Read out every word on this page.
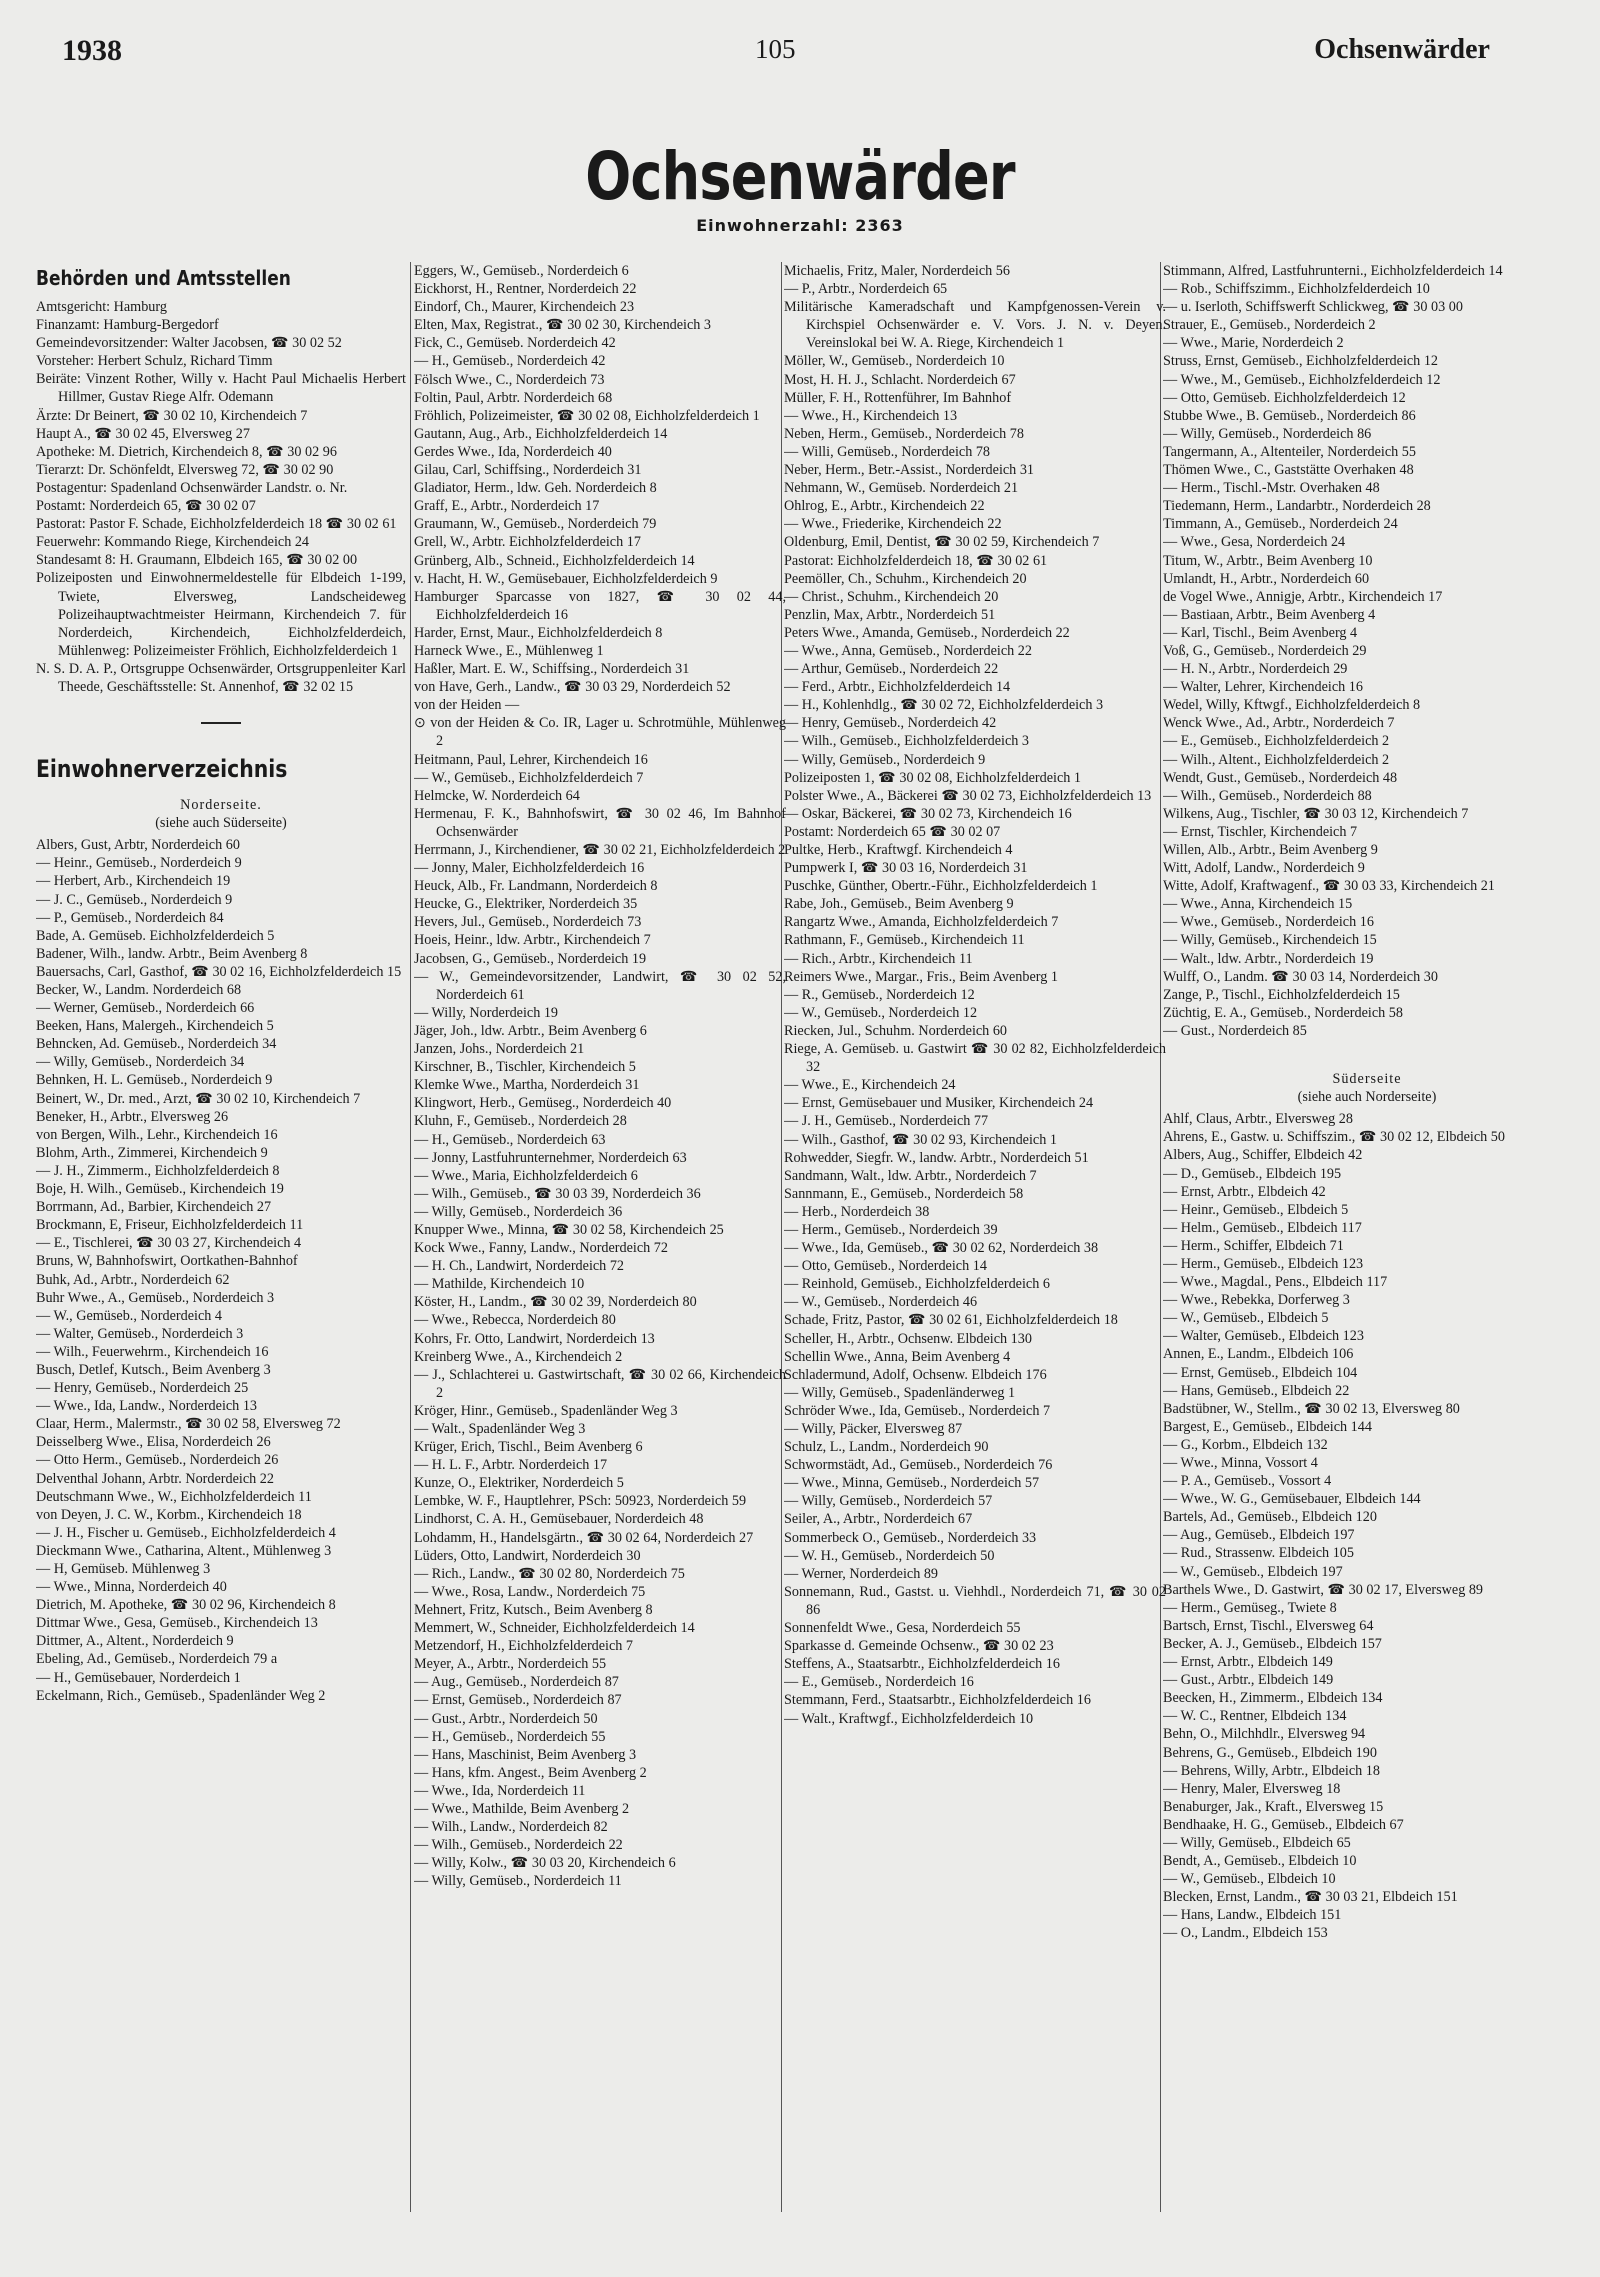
1938	105	Ochsenwärder
Ochsenwärder
Einwohnerzahl: 2363
Behörden und Amtsstellen
Amtsgericht: Hamburg
Finanzamt: Hamburg-Bergedorf
Gemeindevorsitzender: Walter Jacobsen, ☎ 30 02 52
Vorsteher: Herbert Schulz, Richard Timm
Beiräte: Vinzent Rother, Willy v. Hacht Paul Michaelis Herbert Hillmer, Gustav Riege Alfr. Odemann
Ärzte: Dr Beinert, ☎ 30 02 10, Kirchendeich 7
Haupt A., ☎ 30 02 45, Elversweg 27
Apotheke: M. Dietrich, Kirchendeich 8, ☎ 30 02 96
Tierarzt: Dr. Schönfeldt, Elversweg 72, ☎ 30 02 90
Postagentur: Spadenland Ochsenwärder Landstr. o. Nr.
Postamt: Norderdeich 65, ☎ 30 02 07
Pastorat: Pastor F. Schade, Eichholzfelderdeich 18 ☎ 30 02 61
Feuerwehr: Kommando Riege, Kirchendeich 24
Standesamt 8: H. Graumann, Elbdeich 165, ☎ 30 02 00
Polizeiposten und Einwohnermeldestelle für Elbdeich 1-199, Twiete, Elversweg, Landscheideweg Polizeihauptwachtmeister Heirmann, Kirchendeich 7. für Norderdeich, Kirchendeich, Eichholzfelderdeich, Mühlenweg: Polizeimeister Fröhlich, Eichholzfelderdeich 1
N. S. D. A. P., Ortsgruppe Ochsenwärder, Ortsgruppenleiter Karl Theede, Geschäftsstelle: St. Annenhof, ☎ 32 02 15
Einwohnerverzeichnis
Norderseite.
(siehe auch Süderseite)
Albers, Gust, Arbtr, Norderdeich 60
— Heinr., Gemüseb., Norderdeich 9
— Herbert, Arb., Kirchendeich 19
— J. C., Gemüseb., Norderdeich 9
— P., Gemüseb., Norderdeich 84
Bade, A. Gemüseb. Eichholzfelderdeich 5
Badener, Wilh., landw. Arbtr., Beim Avenberg 8
Bauersachs, Carl, Gasthof, ☎ 30 02 16, Eichholzfelderdeich 15
Becker, W., Landm. Norderdeich 68
— Werner, Gemüseb., Norderdeich 66
Beeken, Hans, Malergeh., Kirchendeich 5
Behncken, Ad. Gemüseb., Norderdeich 34
— Willy, Gemüseb., Norderdeich 34
Behnken, H. L. Gemüseb., Norderdeich 9
Beinert, W., Dr. med., Arzt, ☎ 30 02 10, Kirchendeich 7
Beneker, H., Arbtr., Elversweg 26
von Bergen, Wilh., Lehr., Kirchendeich 16
Blohm, Arth., Zimmerei, Kirchendeich 9
— J. H., Zimmerm., Eichholzfelderdeich 8
Boje, H. Wilh., Gemüseb., Kirchendeich 19
Borrmann, Ad., Barbier, Kirchendeich 27
Brockmann, E, Friseur, Eichholzfelderdeich 11
— E., Tischlerei, ☎ 30 03 27, Kirchendeich 4
Bruns, W, Bahnhofswirt, Oortkathen-Bahnhof
Buhk, Ad., Arbtr., Norderdeich 62
Buhr Wwe., A., Gemüseb., Norderdeich 3
— W., Gemüseb., Norderdeich 4
— Walter, Gemüseb., Norderdeich 3
— Wilh., Feuerwehrm., Kirchendeich 16
Busch, Detlef, Kutsch., Beim Avenberg 3
— Henry, Gemüseb., Norderdeich 25
— Wwe., Ida, Landw., Norderdeich 13
Claar, Herm., Malermstr., ☎ 30 02 58, Elversweg 72
Deisselberg Wwe., Elisa, Norderdeich 26
— Otto Herm., Gemüseb., Norderdeich 26
Delventhal Johann, Arbtr. Norderdeich 22
Deutschmann Wwe., W., Eichholzfelderdeich 11
von Deyen, J. C. W., Korbm., Kirchendeich 18
— J. H., Fischer u. Gemüseb., Eichholzfelderdeich 4
Dieckmann Wwe., Catharina, Altent., Mühlenweg 3
— H, Gemüseb. Mühlenweg 3
— Wwe., Minna, Norderdeich 40
Dietrich, M. Apotheke, ☎ 30 02 96, Kirchendeich 8
Dittmar Wwe., Gesa, Gemüseb., Kirchendeich 13
Dittmer, A., Altent., Norderdeich 9
Ebeling, Ad., Gemüseb., Norderdeich 79 a
— H., Gemüsebauer, Norderdeich 1
Eckelmann, Rich., Gemüseb., Spadenländer Weg 2
Eggers, W., Gemüseb., Norderdeich 6
Eickhorst, H., Rentner, Norderdeich 22
Eindorf, Ch., Maurer, Kirchendeich 23
Elten, Max, Registrat., ☎ 30 02 30, Kirchendeich 3
Fick, C., Gemüseb. Norderdeich 42
— H., Gemüseb., Norderdeich 42
Fölsch Wwe., C., Norderdeich 73
Foltin, Paul, Arbtr. Norderdeich 68
Fröhlich, Polizeimeister, ☎ 30 02 08, Eichholzfelderdeich 1
Gautann, Aug., Arb., Eichholzfelderdeich 14
Gerdes Wwe., Ida, Norderdeich 40
Gilau, Carl, Schiffsing., Norderdeich 31
Gladiator, Herm., ldw. Geh. Norderdeich 8
Graff, E., Arbtr., Norderdeich 17
Graumann, W., Gemüseb., Norderdeich 79
Grell, W., Arbtr. Eichholzfelderdeich 17
Grünberg, Alb., Schneid., Eichholzfelderdeich 14
v. Hacht, H. W., Gemüsebauer, Eichholzfelderdeich 9
Hamburger Sparcasse von 1827, ☎ 30 02 44, Eichholzfelderdeich 16
Harder, Ernst, Maur., Eichholzfelderdeich 8
Harneck Wwe., E., Mühlenweg 1
Haßler, Mart. E. W., Schiffsing., Norderdeich 31
von Have, Gerh., Landw., ☎ 30 03 29, Norderdeich 52
von der Heiden —
⊙ von der Heiden & Co. IR, Lager u. Schrotmühle, Mühlenweg 2
Heitmann, Paul, Lehrer, Kirchendeich 16
— W., Gemüseb., Eichholzfelderdeich 7
Helmcke, W. Norderdeich 64
Hermenau, F. K., Bahnhofswirt, ☎ 30 02 46, Im Bahnhof Ochsenwärder
Herrmann, J., Kirchendiener, ☎ 30 02 21, Eichholzfelderdeich 2
— Jonny, Maler, Eichholzfelderdeich 16
Heuck, Alb., Fr. Landmann, Norderdeich 8
Heucke, G., Elektriker, Norderdeich 35
Hevers, Jul., Gemüseb., Norderdeich 73
Hoeis, Heinr., ldw. Arbtr., Kirchendeich 7
Jacobsen, G., Gemüseb., Norderdeich 19
— W., Gemeindevorsitzender, Landwirt, ☎ 30 02 52, Norderdeich 61
— Willy, Norderdeich 19
Jäger, Joh., ldw. Arbtr., Beim Avenberg 6
Janzen, Johs., Norderdeich 21
Kirschner, B., Tischler, Kirchendeich 5
Klemke Wwe., Martha, Norderdeich 31
Klingwort, Herb., Gemüseg., Norderdeich 40
Kluhn, F., Gemüseb., Norderdeich 28
— H., Gemüseb., Norderdeich 63
— Jonny, Lastfuhrunternehmer, Norderdeich 63
— Wwe., Maria, Eichholzfelderdeich 6
— Wilh., Gemüseb., ☎ 30 03 39, Norderdeich 36
— Willy, Gemüseb., Norderdeich 36
Knupper Wwe., Minna, ☎ 30 02 58, Kirchendeich 25
Kock Wwe., Fanny, Landw., Norderdeich 72
— H. Ch., Landwirt, Norderdeich 72
— Mathilde, Kirchendeich 10
Köster, H., Landm., ☎ 30 02 39, Norderdeich 80
— Wwe., Rebecca, Norderdeich 80
Kohrs, Fr. Otto, Landwirt, Norderdeich 13
Kreinberg Wwe., A., Kirchendeich 2
— J., Schlachterei u. Gastwirtschaft, ☎ 30 02 66, Kirchendeich 2
Kröger, Hinr., Gemüseb., Spadenländer Weg 3
— Walt., Spadenländer Weg 3
Krüger, Erich, Tischl., Beim Avenberg 6
— H. L. F., Arbtr. Norderdeich 17
Kunze, O., Elektriker, Norderdeich 5
Lembke, W. F., Hauptlehrer, PSch: 50923, Norderdeich 59
Lindhorst, C. A. H., Gemüsebauer, Norderdeich 48
Lohdamm, H., Handelsgärtn., ☎ 30 02 64, Norderdeich 27
Lüders, Otto, Landwirt, Norderdeich 30
— Rich., Landw., ☎ 30 02 80, Norderdeich 75
— Wwe., Rosa, Landw., Norderdeich 75
Mehnert, Fritz, Kutsch., Beim Avenberg 8
Memmert, W., Schneider, Eichholzfelderdeich 14
Metzendorf, H., Eichholzfelderdeich 7
Meyer, A., Arbtr., Norderdeich 55
— Aug., Gemüseb., Norderdeich 87
— Ernst, Gemüseb., Norderdeich 87
— Gust., Arbtr., Norderdeich 50
— H., Gemüseb., Norderdeich 55
— Hans, Maschinist, Beim Avenberg 3
— Hans, kfm. Angest., Beim Avenberg 2
— Wwe., Ida, Norderdeich 11
— Wwe., Mathilde, Beim Avenberg 2
— Wilh., Landw., Norderdeich 82
— Wilh., Gemüseb., Norderdeich 22
— Willy, Kolw., ☎ 30 03 20, Kirchendeich 6
— Willy, Gemüseb., Norderdeich 11
Michaelis, Fritz, Maler, Norderdeich 56
— P., Arbtr., Norderdeich 65
Militärische Kameradschaft und Kampfgenossen-Verein v. Kirchspiel Ochsenwärder e. V. Vors. J. N. v. Deyen. Vereinslokal bei W. A. Riege, Kirchendeich 1
Möller, W., Gemüseb., Norderdeich 10
Most, H. H. J., Schlacht. Norderdeich 67
Müller, F. H., Rottenführer, Im Bahnhof
— Wwe., H., Kirchendeich 13
Neben, Herm., Gemüseb., Norderdeich 78
— Willi, Gemüseb., Norderdeich 78
Neber, Herm., Betr.-Assist., Norderdeich 31
Nehmann, W., Gemüseb. Norderdeich 21
Ohlrog, E., Arbtr., Kirchendeich 22
— Wwe., Friederike, Kirchendeich 22
Oldenburg, Emil, Dentist, ☎ 30 02 59, Kirchendeich 7
Pastorat: Eichholzfelderdeich 18, ☎ 30 02 61
Peemöller, Ch., Schuhm., Kirchendeich 20
— Christ., Schuhm., Kirchendeich 20
Penzlin, Max, Arbtr., Norderdeich 51
Peters Wwe., Amanda, Gemüseb., Norderdeich 22
— Wwe., Anna, Gemüseb., Norderdeich 22
— Arthur, Gemüseb., Norderdeich 22
— Ferd., Arbtr., Eichholzfelderdeich 14
— H., Kohlenhdlg., ☎ 30 02 72, Eichholzfelderdeich 3
— Henry, Gemüseb., Norderdeich 42
— Wilh., Gemüseb., Eichholzfelderdeich 3
— Willy, Gemüseb., Norderdeich 9
Polizeiposten 1, ☎ 30 02 08, Eichholzfelderdeich 1
Polster Wwe., A., Bäckerei ☎ 30 02 73, Eichholzfelderdeich 13
— Oskar, Bäckerei, ☎ 30 02 73, Kirchendeich 16
Postamt: Norderdeich 65 ☎ 30 02 07
Pultke, Herb., Kraftwgf. Kirchendeich 4
Pumpwerk I, ☎ 30 03 16, Norderdeich 31
Puschke, Günther, Obertr.-Führ., Eichholzfelderdeich 1
Rabe, Joh., Gemüseb., Beim Avenberg 9
Rangartz Wwe., Amanda, Eichholzfelderdeich 7
Rathmann, F., Gemüseb., Kirchendeich 11
— Rich., Arbtr., Kirchendeich 11
Reimers Wwe., Margar., Fris., Beim Avenberg 1
— R., Gemüseb., Norderdeich 12
— W., Gemüseb., Norderdeich 12
Riecken, Jul., Schuhm. Norderdeich 60
Riege, A. Gemüseb. u. Gastwirt ☎ 30 02 82, Eichholzfelderdeich 32
— Wwe., E., Kirchendeich 24
— Ernst, Gemüsebauer und Musiker, Kirchendeich 24
— J. H., Gemüseb., Norderdeich 77
— Wilh., Gasthof, ☎ 30 02 93, Kirchendeich 1
Rohwedder, Siegfr. W., landw. Arbtr., Norderdeich 51
Sandmann, Walt., ldw. Arbtr., Norderdeich 7
Sannmann, E., Gemüseb., Norderdeich 58
— Herb., Norderdeich 38
— Herm., Gemüseb., Norderdeich 39
— Wwe., Ida, Gemüseb., ☎ 30 02 62, Norderdeich 38
— Otto, Gemüseb., Norderdeich 14
— Reinhold, Gemüseb., Eichholzfelderdeich 6
— W., Gemüseb., Norderdeich 46
Schade, Fritz, Pastor, ☎ 30 02 61, Eichholzfelderdeich 18
Scheller, H., Arbtr., Ochsenw. Elbdeich 130
Schellin Wwe., Anna, Beim Avenberg 4
Schladermund, Adolf, Ochsenw. Elbdeich 176
— Willy, Gemüseb., Spadenländerweg 1
Schröder Wwe., Ida, Gemüseb., Norderdeich 7
— Willy, Päcker, Elversweg 87
Schulz, L., Landm., Norderdeich 90
Schwormstädt, Ad., Gemüseb., Norderdeich 76
— Wwe., Minna, Gemüseb., Norderdeich 57
— Willy, Gemüseb., Norderdeich 57
Seiler, A., Arbtr., Norderdeich 67
Sommerbeck O., Gemüseb., Norderdeich 33
— W. H., Gemüseb., Norderdeich 50
— Werner, Norderdeich 89
Sonnemann, Rud., Gastst. u. Viehhdl., Norderdeich 71, ☎ 30 02 86
Sonnenfeldt Wwe., Gesa, Norderdeich 55
Sparkasse d. Gemeinde Ochsenw., ☎ 30 02 23
Steffens, A., Staatsarbtr., Eichholzfelderdeich 16
— E., Gemüseb., Norderdeich 16
Stemmann, Ferd., Staatsarbtr., Eichholzfelderdeich 16
— Walt., Kraftwgf., Eichholzfelderdeich 10
Stimmann, Alfred, Lastfuhrunterni., Eichholzfelderdeich 14
— Rob., Schiffszimm., Eichholzfelderdeich 10
— u. Iserloth, Schiffswerft Schlickweg, ☎ 30 03 00
Strauer, E., Gemüseb., Norderdeich 2
— Wwe., Marie, Norderdeich 2
Struss, Ernst, Gemüseb., Eichholzfelderdeich 12
— Wwe., M., Gemüseb., Eichholzfelderdeich 12
— Otto, Gemüseb. Eichholzfelderdeich 12
Stubbe Wwe., B. Gemüseb., Norderdeich 86
— Willy, Gemüseb., Norderdeich 86
Tangermann, A., Altenteiler, Norderdeich 55
Thömen Wwe., C., Gaststätte Overhaken 48
— Herm., Tischl.-Mstr. Overhaken 48
Tiedemann, Herm., Landarbtr., Norderdeich 28
Timmann, A., Gemüseb., Norderdeich 24
— Wwe., Gesa, Norderdeich 24
Titum, W., Arbtr., Beim Avenberg 10
Umlandt, H., Arbtr., Norderdeich 60
de Vogel Wwe., Annigje, Arbtr., Kirchendeich 17
— Bastiaan, Arbtr., Beim Avenberg 4
— Karl, Tischl., Beim Avenberg 4
Voß, G., Gemüseb., Norderdeich 29
— H. N., Arbtr., Norderdeich 29
— Walter, Lehrer, Kirchendeich 16
Wedel, Willy, Kftwgf., Eichholzfelderdeich 8
Wenck Wwe., Ad., Arbtr., Norderdeich 7
— E., Gemüseb., Eichholzfelderdeich 2
— Wilh., Altent., Eichholzfelderdeich 2
Wendt, Gust., Gemüseb., Norderdeich 48
— Wilh., Gemüseb., Norderdeich 88
Wilkens, Aug., Tischler, ☎ 30 03 12, Kirchendeich 7
— Ernst, Tischler, Kirchendeich 7
Willen, Alb., Arbtr., Beim Avenberg 9
Witt, Adolf, Landw., Norderdeich 9
Witte, Adolf, Kraftwagenf., ☎ 30 03 33, Kirchendeich 21
— Wwe., Anna, Kirchendeich 15
— Wwe., Gemüseb., Norderdeich 16
— Willy, Gemüseb., Kirchendeich 15
— Walt., ldw. Arbtr., Norderdeich 19
Wulff, O., Landm. ☎ 30 03 14, Norderdeich 30
Zange, P., Tischl., Eichholzfelderdeich 15
Züchtig, E. A., Gemüseb., Norderdeich 58
— Gust., Norderdeich 85
Süderseite
(siehe auch Norderseite)
Ahlf, Claus, Arbtr., Elversweg 28
Ahrens, E., Gastw. u. Schiffszim., ☎ 30 02 12, Elbdeich 50
Albers, Aug., Schiffer, Elbdeich 42
— D., Gemüseb., Elbdeich 195
— Ernst, Arbtr., Elbdeich 42
— Heinr., Gemüseb., Elbdeich 5
— Helm., Gemüseb., Elbdeich 117
— Herm., Schiffer, Elbdeich 71
— Herm., Gemüseb., Elbdeich 123
— Wwe., Magdal., Pens., Elbdeich 117
— Wwe., Rebekka, Dorferweg 3
— W., Gemüseb., Elbdeich 5
— Walter, Gemüseb., Elbdeich 123
Annen, E., Landm., Elbdeich 106
— Ernst, Gemüseb., Elbdeich 104
— Hans, Gemüseb., Elbdeich 22
Badstübner, W., Stellm., ☎ 30 02 13, Elversweg 80
Bargest, E., Gemüseb., Elbdeich 144
— G., Korbm., Elbdeich 132
— Wwe., Minna, Vossort 4
— P. A., Gemüseb., Vossort 4
— Wwe., W. G., Gemüsebauer, Elbdeich 144
Bartels, Ad., Gemüseb., Elbdeich 120
— Aug., Gemüseb., Elbdeich 197
— Rud., Strassenw. Elbdeich 105
— W., Gemüseb., Elbdeich 197
Barthels Wwe., D. Gastwirt, ☎ 30 02 17, Elversweg 89
— Herm., Gemüseg., Twiete 8
Bartsch, Ernst, Tischl., Elversweg 64
Becker, A. J., Gemüseb., Elbdeich 157
— Ernst, Arbtr., Elbdeich 149
— Gust., Arbtr., Elbdeich 149
Beecken, H., Zimmerm., Elbdeich 134
— W. C., Rentner, Elbdeich 134
Behn, O., Milchhdlr., Elversweg 94
Behrens, G., Gemüseb., Elbdeich 190
— Behrens, Willy, Arbtr., Elbdeich 18
— Henry, Maler, Elversweg 18
Benaburger, Jak., Kraft., Elversweg 15
Bendhaake, H. G., Gemüseb., Elbdeich 67
— Willy, Gemüseb., Elbdeich 65
Bendt, A., Gemüseb., Elbdeich 10
— W., Gemüseb., Elbdeich 10
Blecken, Ernst, Landm., ☎ 30 03 21, Elbdeich 151
— Hans, Landw., Elbdeich 151
— O., Landm., Elbdeich 153
